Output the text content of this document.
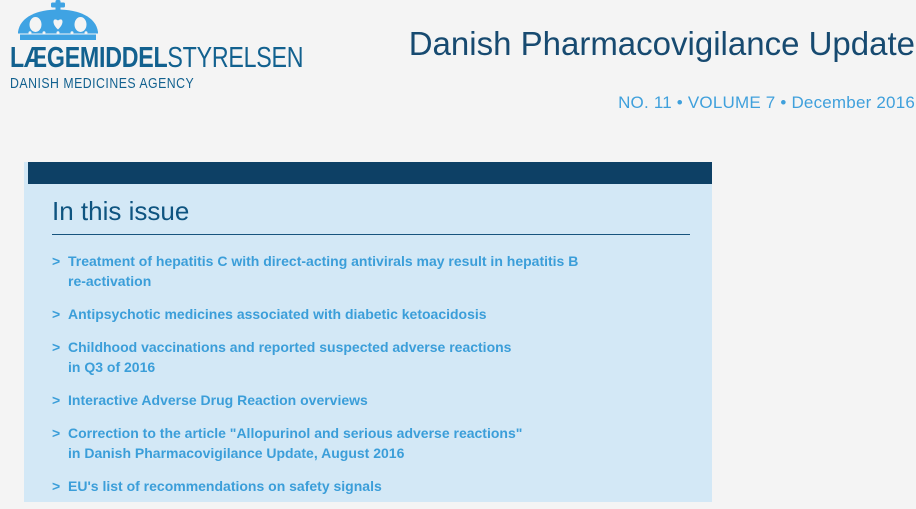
LÆGEMIDDELSTYRELSEN
DANISH MEDICINES AGENCY
Danish Pharmacovigilance Update
NO. 11 • VOLUME 7 • December 2016
In this issue
> Treatment of hepatitis C with direct-acting antivirals may result in hepatitis B
re-activation
> Antipsychotic medicines associated with diabetic ketoacidosis
> Childhood vaccinations and reported suspected adverse reactions
in Q3 of 2016
> Interactive Adverse Drug Reaction overviews
> Correction to the article "Allopurinol and serious adverse reactions"
in Danish Pharmacovigilance Update, August 2016
> EU's list of recommendations on safety signals
